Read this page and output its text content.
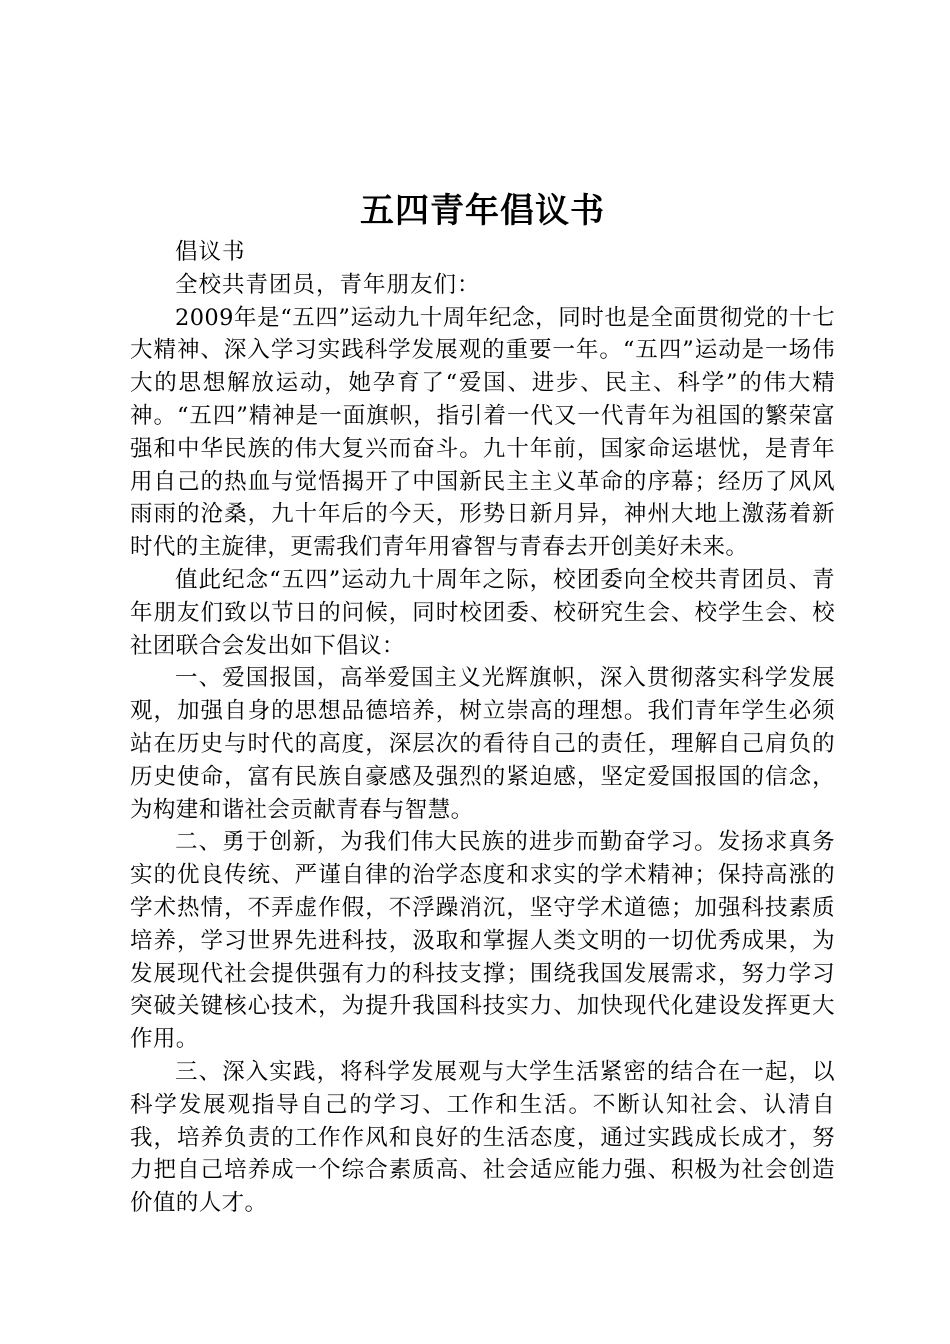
五四青年倡议书

倡议书

全校共青团员，青年朋友们：

2009年是“五四”运动九十周年纪念，同时也是全面贯彻党的十七大精神、深入学习实践科学发展观的重要一年。“五四”运动是一场伟大的思想解放运动，她孕育了“爱国、进步、民主、科学”的伟大精神。“五四”精神是一面旗帜，指引着一代又一代青年为祖国的繁荣富强和中华民族的伟大复兴而奋斗。九十年前，国家命运堪忧，是青年用自己的热血与觉悟揭开了中国新民主主义革命的序幕；经历了风风雨雨的沧桑，九十年后的今天，形势日新月异，神州大地上激荡着新时代的主旋律，更需我们青年用睿智与青春去开创美好未来。

值此纪念“五四”运动九十周年之际，校团委向全校共青团员、青年朋友们致以节日的问候，同时校团委、校研究生会、校学生会、校社团联合会发出如下倡议：

一、爱国报国，高举爱国主义光辉旗帜，深入贯彻落实科学发展观，加强自身的思想品德培养，树立崇高的理想。我们青年学生必须站在历史与时代的高度，深层次的看待自己的责任，理解自己肩负的历史使命，富有民族自豪感及强烈的紧迫感，坚定爱国报国的信念，为构建和谐社会贡献青春与智慧。

二、勇于创新，为我们伟大民族的进步而勤奋学习。发扬求真务实的优良传统、严谨自律的治学态度和求实的学术精神；保持高涨的学术热情，不弄虚作假，不浮躁消沉，坚守学术道德；加强科技素质培养，学习世界先进科技，汲取和掌握人类文明的一切优秀成果，为发展现代社会提供强有力的科技支撑；围绕我国发展需求，努力学习突破关键核心技术，为提升我国科技实力、加快现代化建设发挥更大作用。

三、深入实践，将科学发展观与大学生活紧密的结合在一起，以科学发展观指导自己的学习、工作和生活。不断认知社会、认清自我，培养负责的工作作风和良好的生活态度，通过实践成长成才，努力把自己培养成一个综合素质高、社会适应能力强、积极为社会创造价值的人才。
